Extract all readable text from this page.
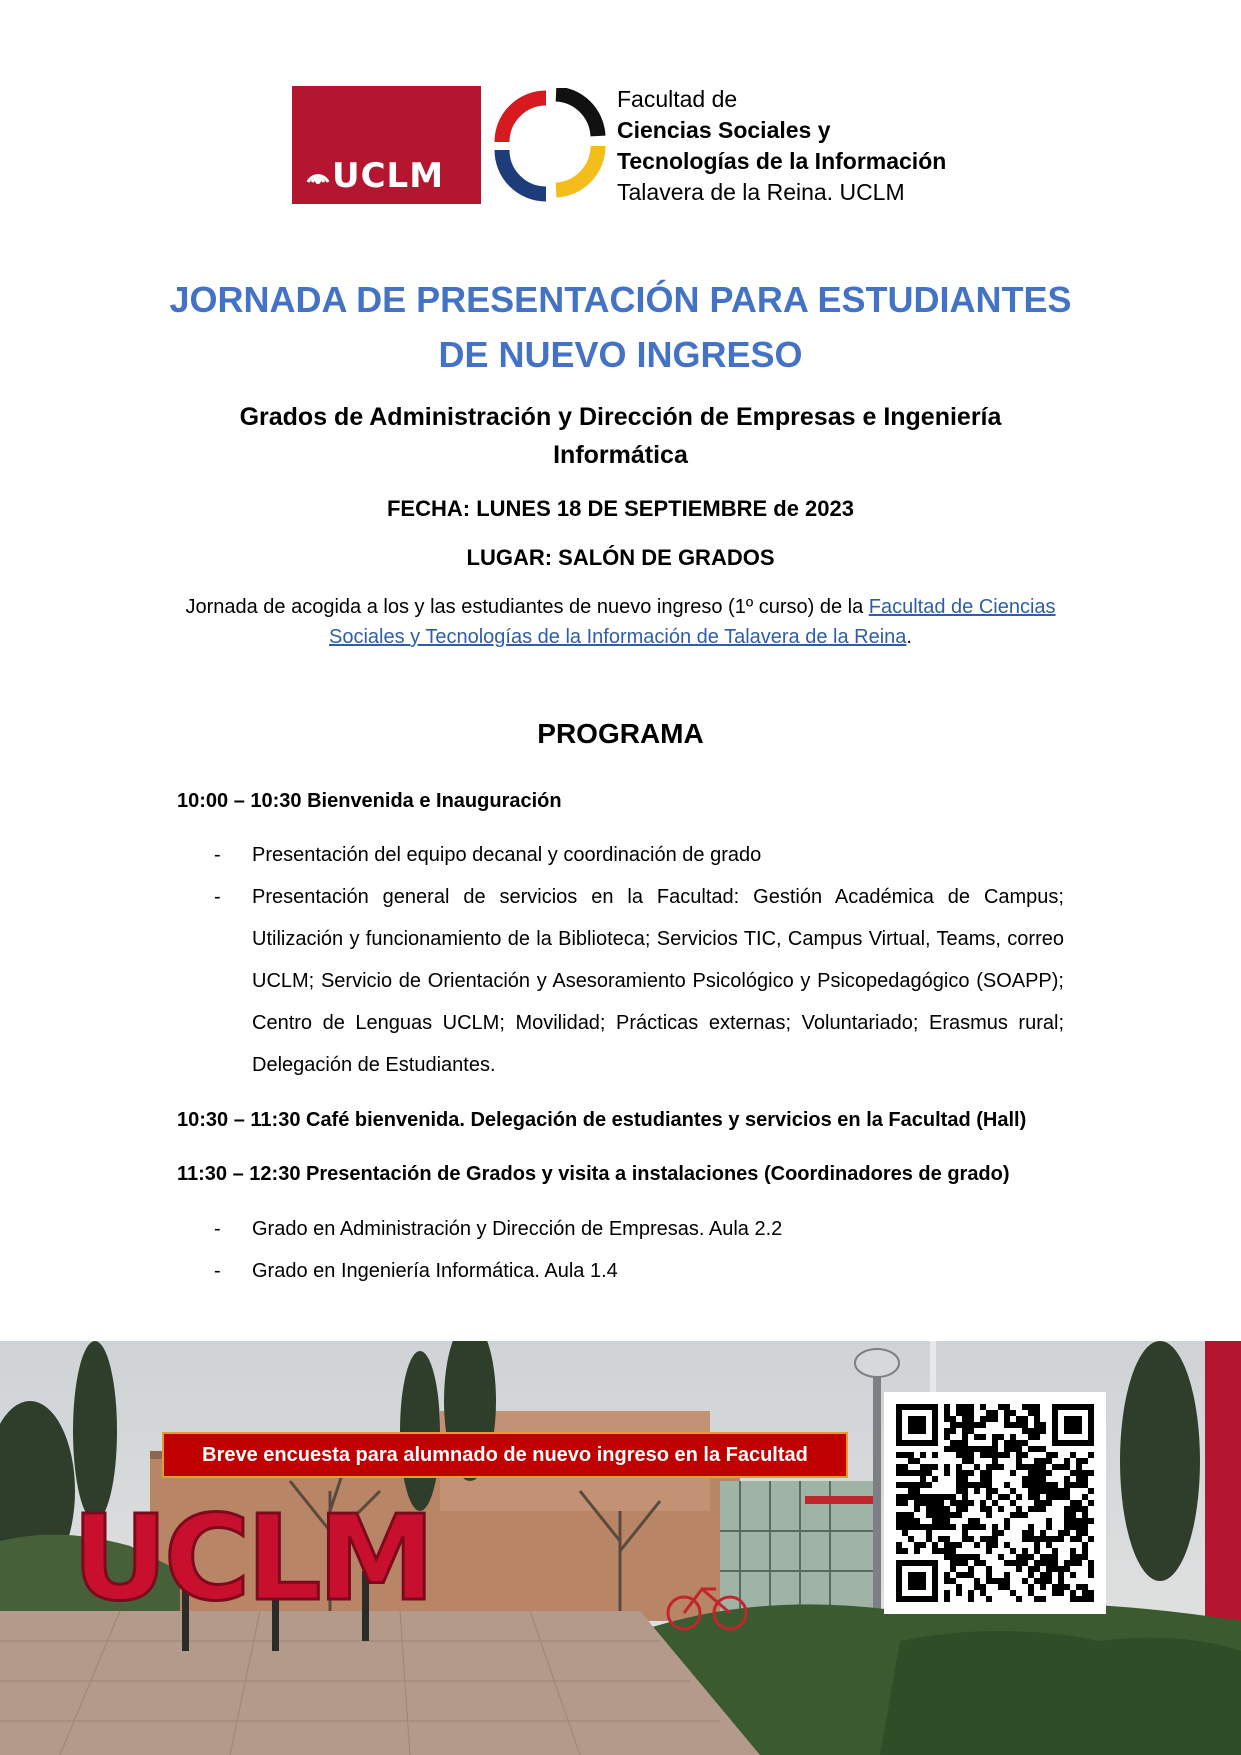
UCLM
Facultad de
Ciencias Sociales y
Tecnologías de la Información
Talavera de la Reina. UCLM
JORNADA DE PRESENTACIÓN PARA ESTUDIANTES
DE NUEVO INGRESO
Grados de Administración y Dirección de Empresas e Ingeniería
Informática
FECHA: LUNES 18 DE SEPTIEMBRE de 2023
LUGAR: SALÓN DE GRADOS
Jornada de acogida a los y las estudiantes de nuevo ingreso (1º curso) de la Facultad de Ciencias Sociales y Tecnologías de la Información de Talavera de la Reina.
PROGRAMA
10:00 – 10:30 Bienvenida e Inauguración
- Presentación del equipo decanal y coordinación de grado
- Presentación general de servicios en la Facultad: Gestión Académica de Campus; Utilización y funcionamiento de la Biblioteca; Servicios TIC, Campus Virtual, Teams, correo UCLM; Servicio de Orientación y Asesoramiento Psicológico y Psicopedagógico (SOAPP); Centro de Lenguas UCLM; Movilidad; Prácticas externas; Voluntariado; Erasmus rural; Delegación de Estudiantes.
10:30 – 11:30 Café bienvenida. Delegación de estudiantes y servicios en la Facultad (Hall)
11:30 – 12:30 Presentación de Grados y visita a instalaciones (Coordinadores de grado)
- Grado en Administración y Dirección de Empresas. Aula 2.2
- Grado en Ingeniería Informática. Aula 1.4
UCLM
Breve encuesta para alumnado de nuevo ingreso en la Facultad
